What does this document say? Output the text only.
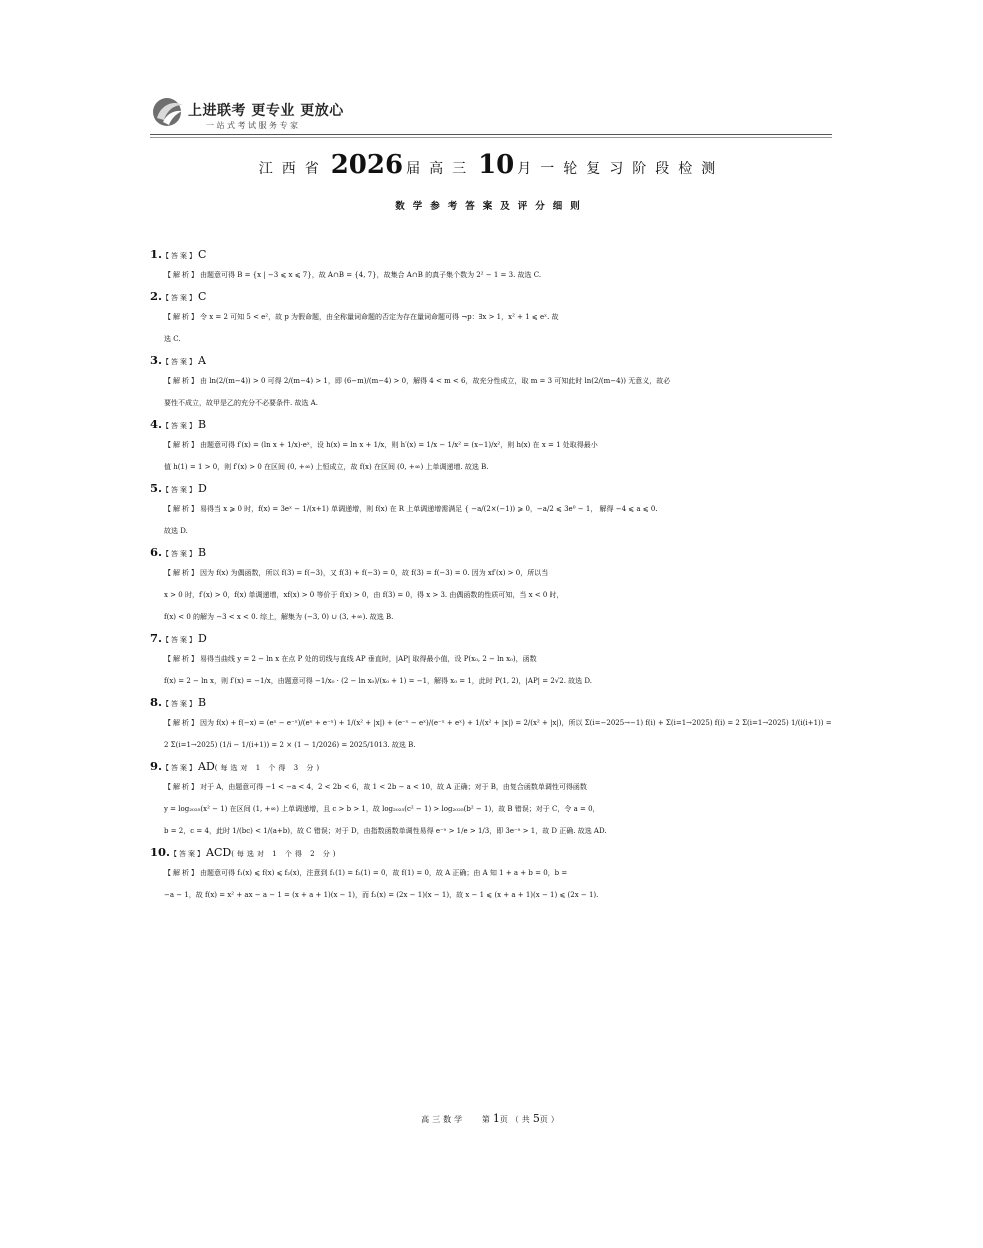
上进联考 更专业 更放心
一站式考试服务专家
江西省 2026 届高三 10 月一轮复习阶段检测
数学参考答案及评分细则
1.【答案】C
【解析】由题意可得 B = {x | −3 ⩽ x ⩽ 7}，故 A∩B = {4, 7}，故集合 A∩B 的真子集个数为 2² − 1 = 3. 故选 C.
2.【答案】C
【解析】令 x = 2 可知 5 < e²，故 p 为假命题，由全称量词命题的否定为存在量词命题可得 ¬p：∃x > 1，x² + 1 ⩽ eˣ. 故
选 C.
3.【答案】A
【解析】由 ln(2/(m−4)) > 0 可得 2/(m−4) > 1，即 (6−m)/(m−4) > 0，解得 4 < m < 6，故充分性成立，取 m = 3 可知此时 ln(2/(m−4)) 无意义，故必
要性不成立，故甲是乙的充分不必要条件. 故选 A.
4.【答案】B
【解析】由题意可得 f′(x) = (ln x + 1/x)·eˣ，设 h(x) = ln x + 1/x，则 h′(x) = 1/x − 1/x² = (x−1)/x²，则 h(x) 在 x = 1 处取得最小
值 h(1) = 1 > 0，则 f′(x) > 0 在区间 (0, +∞) 上恒成立，故 f(x) 在区间 (0, +∞) 上单调递增. 故选 B.
5.【答案】D
【解析】易得当 x ⩾ 0 时，f(x) = 3eˣ − 1/(x+1) 单调递增，则 f(x) 在 R 上单调递增需满足 { −a/(2×(−1)) ⩾ 0，−a/2 ⩽ 3e⁰ − 1， 解得 −4 ⩽ a ⩽ 0.
故选 D.
6.【答案】B
【解析】因为 f(x) 为偶函数，所以 f(3) = f(−3)，又 f(3) + f(−3) = 0，故 f(3) = f(−3) = 0. 因为 xf′(x) > 0，所以当
x > 0 时，f′(x) > 0，f(x) 单调递增，xf(x) > 0 等价于 f(x) > 0，由 f(3) = 0，得 x > 3. 由偶函数的性质可知，当 x < 0 时，
f(x) < 0 的解为 −3 < x < 0. 综上，解集为 (−3, 0) ∪ (3, +∞). 故选 B.
7.【答案】D
【解析】易得当曲线 y = 2 − ln x 在点 P 处的切线与直线 AP 垂直时，|AP| 取得最小值，设 P(x₀, 2 − ln x₀)，函数
f(x) = 2 − ln x，则 f′(x) = −1/x，由题意可得 −1/x₀ · (2 − ln x₀)/(x₀ + 1) = −1，解得 x₀ = 1，此时 P(1, 2)，|AP| = 2√2. 故选 D.
8.【答案】B
【解析】因为 f(x) + f(−x) = (eˣ − e⁻ˣ)/(eˣ + e⁻ˣ) + 1/(x² + |x|) + (e⁻ˣ − eˣ)/(e⁻ˣ + eˣ) + 1/(x² + |x|) = 2/(x² + |x|)，所以 Σ(i=−2025→−1) f(i) + Σ(i=1→2025) f(i) = 2 Σ(i=1→2025) 1/(i(i+1)) =
2 Σ(i=1→2025) (1/i − 1/(i+1)) = 2 × (1 − 1/2026) = 2025/1013. 故选 B.
9.【答案】AD(每选对 1 个得 3 分)
【解析】对于 A，由题意可得 −1 < −a < 4，2 < 2b < 6，故 1 < 2b − a < 10，故 A 正确；对于 B，由复合函数单调性可得函数
y = log₂₀₂₅(x² − 1) 在区间 (1, +∞) 上单调递增，且 c > b > 1，故 log₂₀₂₅(c² − 1) > log₂₀₂₅(b² − 1)，故 B 错误；对于 C，令 a = 0，
b = 2，c = 4，此时 1/(bc) < 1/(a+b)，故 C 错误；对于 D，由指数函数单调性易得 e⁻ᵃ > 1/e > 1/3，即 3e⁻ᵃ > 1，故 D 正确. 故选 AD.
10.【答案】ACD(每选对 1 个得 2 分)
【解析】由题意可得 f₁(x) ⩽ f(x) ⩽ f₂(x)，注意到 f₁(1) = f₂(1) = 0，故 f(1) = 0，故 A 正确；由 A 知 1 + a + b = 0，b =
−a − 1，故 f(x) = x² + ax − a − 1 = (x + a + 1)(x − 1)，而 f₂(x) = (2x − 1)(x − 1)，故 x − 1 ⩽ (x + a + 1)(x − 1) ⩽ (2x − 1).
高三数学 第1页（共5页）
